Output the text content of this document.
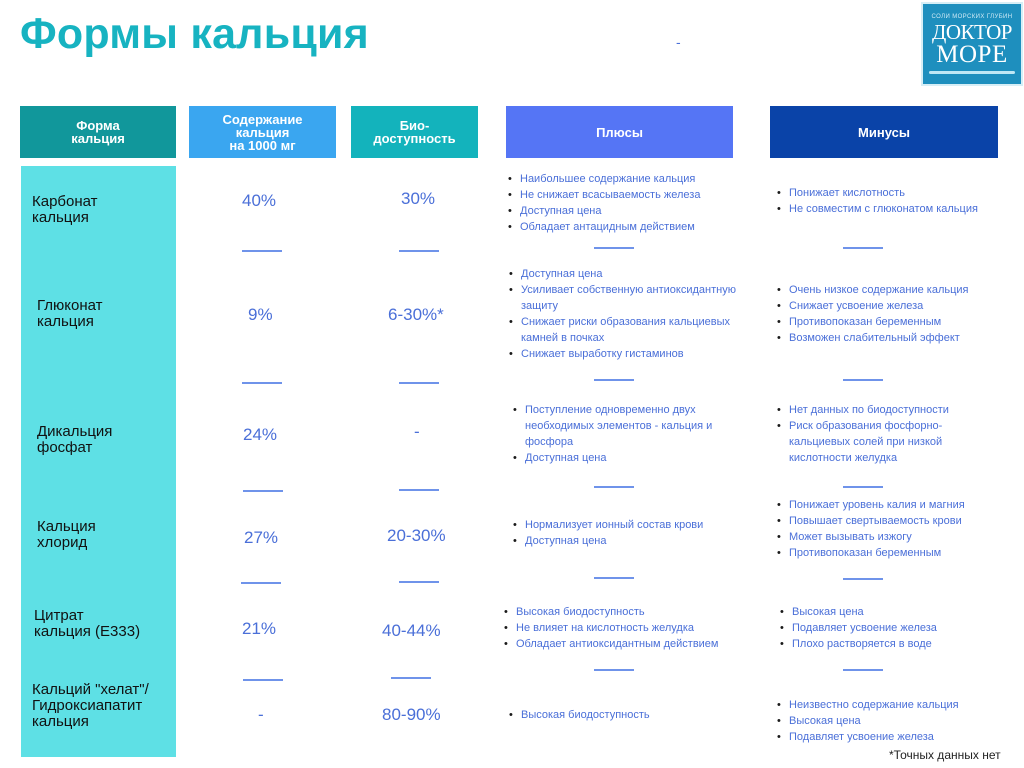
Формы кальция	-
СОЛИ МОРСКИХ ГЛУБИН
ДОКТОР
МОРЕ
Форма
кальция
Содержание
кальция
на 1000 мг
Био-
доступность	Плюсы	Минусы
Карбонат
кальция
40%	30%
• Наибольшее содержание кальция
• Не снижает всасываемость железа
• Доступная цена
• Обладает антацидным действием
• Понижает кислотность
• Не совместим с глюконатом кальция
Глюконат
кальция	9%	6-30%*
• Доступная цена
• Усиливает собственную антиоксидантную защиту
• Снижает риски образования кальциевых камней в почках
• Снижает выработку гистаминов
• Очень низкое содержание кальция
• Снижает усвоение железа
• Противопоказан беременным
• Возможен слабительный эффект
Дикальция
фосфат
24%	-
• Поступление одновременно двух необходимых элементов - кальция и фосфора
• Доступная цена
• Нет данных по биодоступности
• Риск образования фосфорно-кальциевых солей при низкой кислотности желудка
Кальция
хлорид	27%	20-30%
• Нормализует ионный состав крови
• Доступная цена
• Понижает уровень калия и магния
• Повышает свертываемость крови
• Может вызывать изжогу
• Противопоказан беременным
Цитрат
кальция (Е333)	21%	40-44%
• Высокая биодоступность
• Не влияет на кислотность желудка
• Обладает антиоксидантным действием
• Высокая цена
• Подавляет усвоение железа
• Плохо растворяется в воде
Кальций "хелат"/
Гидроксиапатит
кальция	-	80-90%
•	Высокая биодоступность
• Неизвестно содержание кальция
• Высокая цена
• Подавляет усвоение железа
*Точных данных нет
